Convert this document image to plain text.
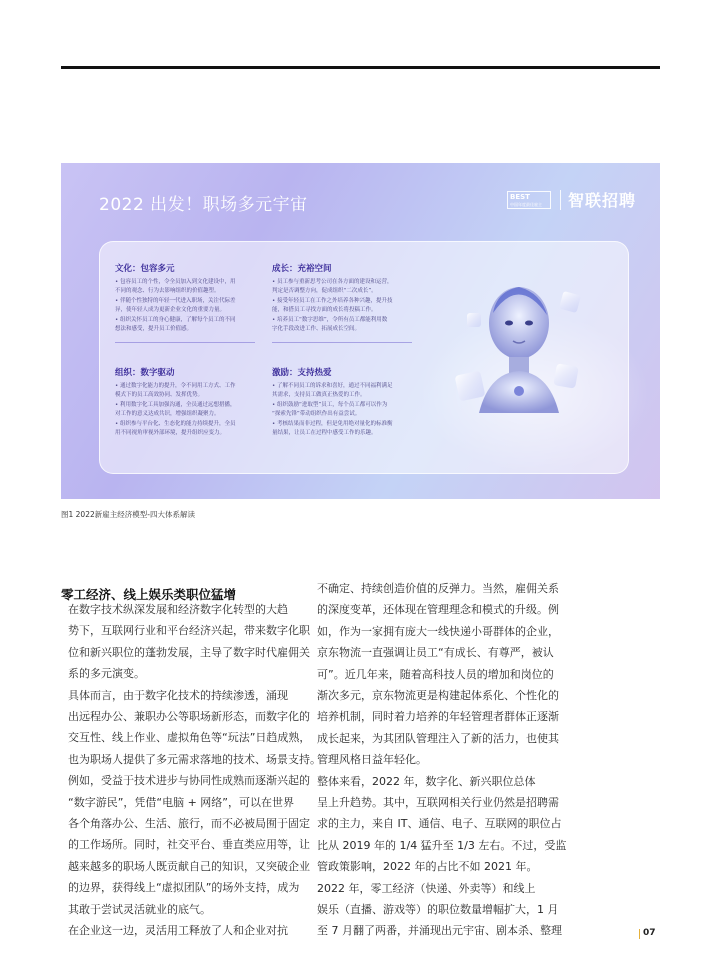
2022 出发！职场多元宇宙	BEST
中国年度最佳雇主	智联招聘
文化：包容多元
• 包容员工的个性，令全员加入到文化建设中，用
不同的观念、行为去影响组织的价值趣塑。
• 伴随个性独特的年轻一代进入职场，关注代际差
异，使年轻人成为更新企业文化的重要力量。
• 组织关怀员工的身心健康，了解每个员工的不同
想法和感受，提升员工价值感。
成长：充裕空间
• 员工参与重新思考公司在各方面的建设和运营，
判定是否调整方向，促成组织“二次成长”。
• 接受年轻员工在工作之外培养各种兴趣，提升技
能，和搭员工寻找方面的成长将投稿工作。
• 培养员工“数字思维”，令所有员工都能利用数
字化手段改进工作、拓展成长空间。
组织：数字驱动
• 通过数字化能力的提升，令不同用工方式、工作
模式下的员工高效协同、发挥优势。
• 利用数字化工具加强沟通，全员通过远想措播，
对工作的意义达成共识，增强组织凝聚力。
• 组织参与平台化、生态化的能力持续提升，全员
用不同视角审视外部环境，提升组织应变力。
激励：支持热爱
• 了解不同员工的诉求和喜好，通过不同福利满足
其需求，支持员工做真正热爱的工作。
• 组织鼓励“进取型”员工，每个员工都可以作为
“探索先锋”带动组织作出有益尝试。
• 考核结果而非过程，但是免用绝对量化的标准衡
量结果，让员工在过程中感受工作的乐趣。
图1 2022新雇主经济模型-四大体系解读
零工经济、线上娱乐类职位猛增
在数字技术纵深发展和经济数字化转型的大趋
势下，互联网行业和平台经济兴起，带来数字化职
位和新兴职位的蓬勃发展，主导了数字时代雇佣关
系的多元演变。
具体而言，由于数字化技术的持续渗透，涌现
出远程办公、兼职办公等职场新形态，而数字化的
交互性、线上作业、虚拟角色等“玩法”日趋成熟，
也为职场人提供了多元需求落地的技术、场景支持。
例如，受益于技术进步与协同性成熟而逐渐兴起的
“数字游民”，凭借“电脑 + 网络”，可以在世界
各个角落办公、生活、旅行，而不必被局囿于固定
的工作场所。同时，社交平台、垂直类应用等，让
越来越多的职场人既贡献自己的知识，又突破企业
的边界，获得线上“虚拟团队”的场外支持，成为
其敢于尝试灵活就业的底气。
在企业这一边，灵活用工释放了人和企业对抗
不确定、持续创造价值的反弹力。当然，雇佣关系
的深度变革，还体现在管理理念和模式的升级。例
如，作为一家拥有庞大一线快递小哥群体的企业，
京东物流一直强调让员工“有成长、有尊严，被认
可”。近几年来，随着高科技人员的增加和岗位的
渐次多元，京东物流更是构建起体系化、个性化的
培养机制，同时着力培养的年轻管理者群体正逐渐
成长起来，为其团队管理注入了新的活力，也使其
管理风格日益年轻化。
整体来看，2022 年，数字化、新兴职位总体
呈上升趋势。其中，互联网相关行业仍然是招聘需
求的主力，来自 IT、通信、电子、互联网的职位占
比从 2019 年的 1/4 猛升至 1/3 左右。不过，受监
管政策影响，2022 年的占比不如 2021 年。
2022 年，零工经济（快递、外卖等）和线上
娱乐（直播、游戏等）的职位数量增幅扩大，1 月
至 7 月翻了两番，并涌现出元宇宙、剧本杀、整理	07
